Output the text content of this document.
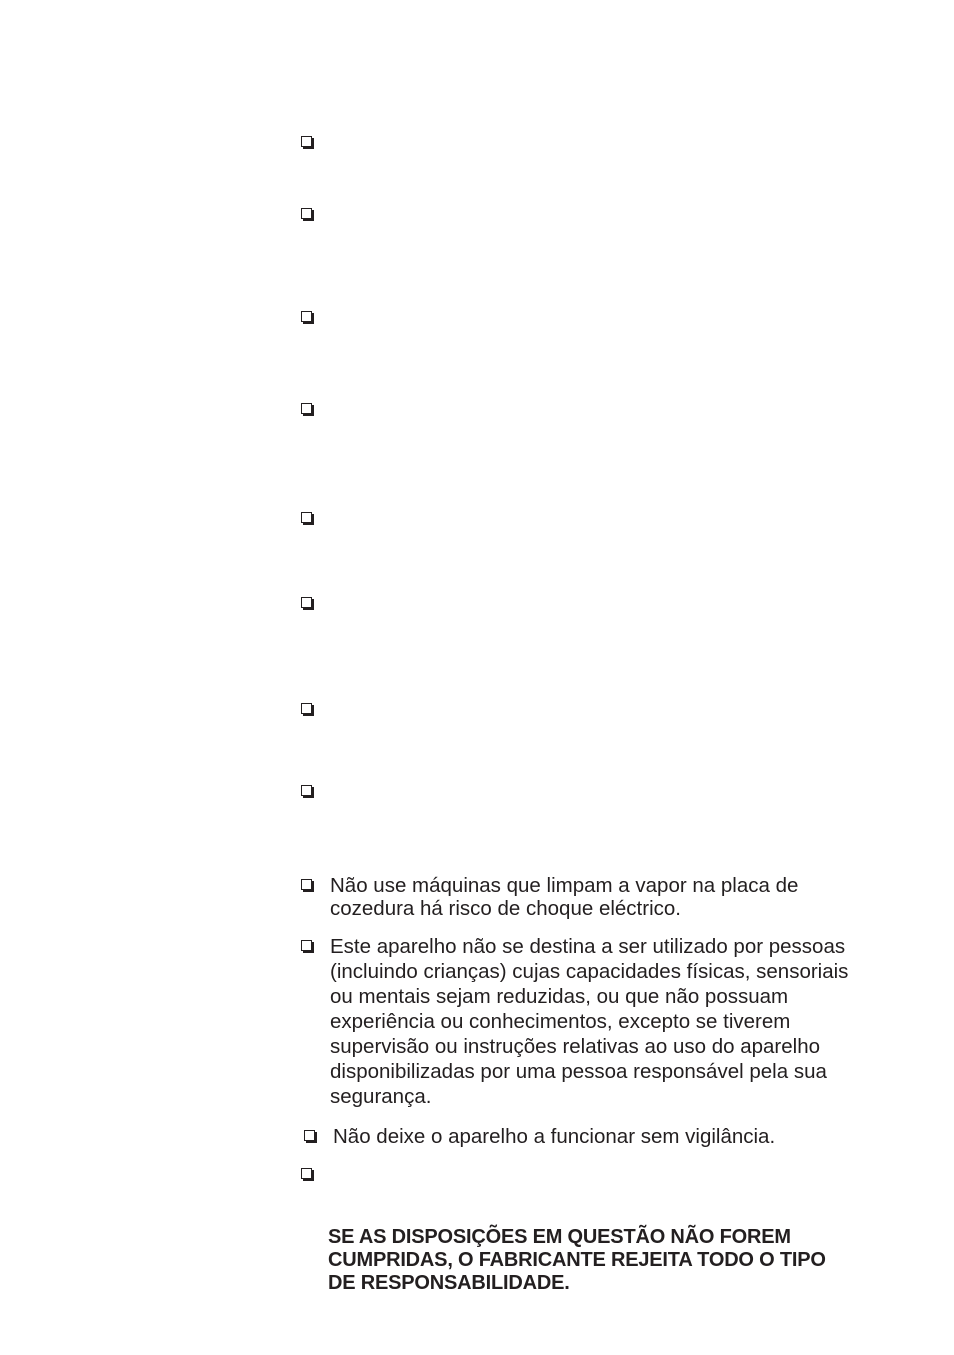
Não use máquinas que limpam a vapor na placa de
cozedura há risco de choque eléctrico.
Este aparelho não se destina a ser utilizado por pessoas
(incluindo crianças) cujas capacidades físicas, sensoriais
ou mentais sejam reduzidas, ou que não possuam
experiência ou conhecimentos, excepto se tiverem
supervisão ou instruções relativas ao uso do aparelho
disponibilizadas por uma pessoa responsável pela sua
segurança.
Não deixe o aparelho a funcionar sem vigilância.
SE AS DISPOSIÇÕES EM QUESTÃO NÃO FOREM
CUMPRIDAS, O FABRICANTE REJEITA TODO O TIPO
DE RESPONSABILIDADE.
